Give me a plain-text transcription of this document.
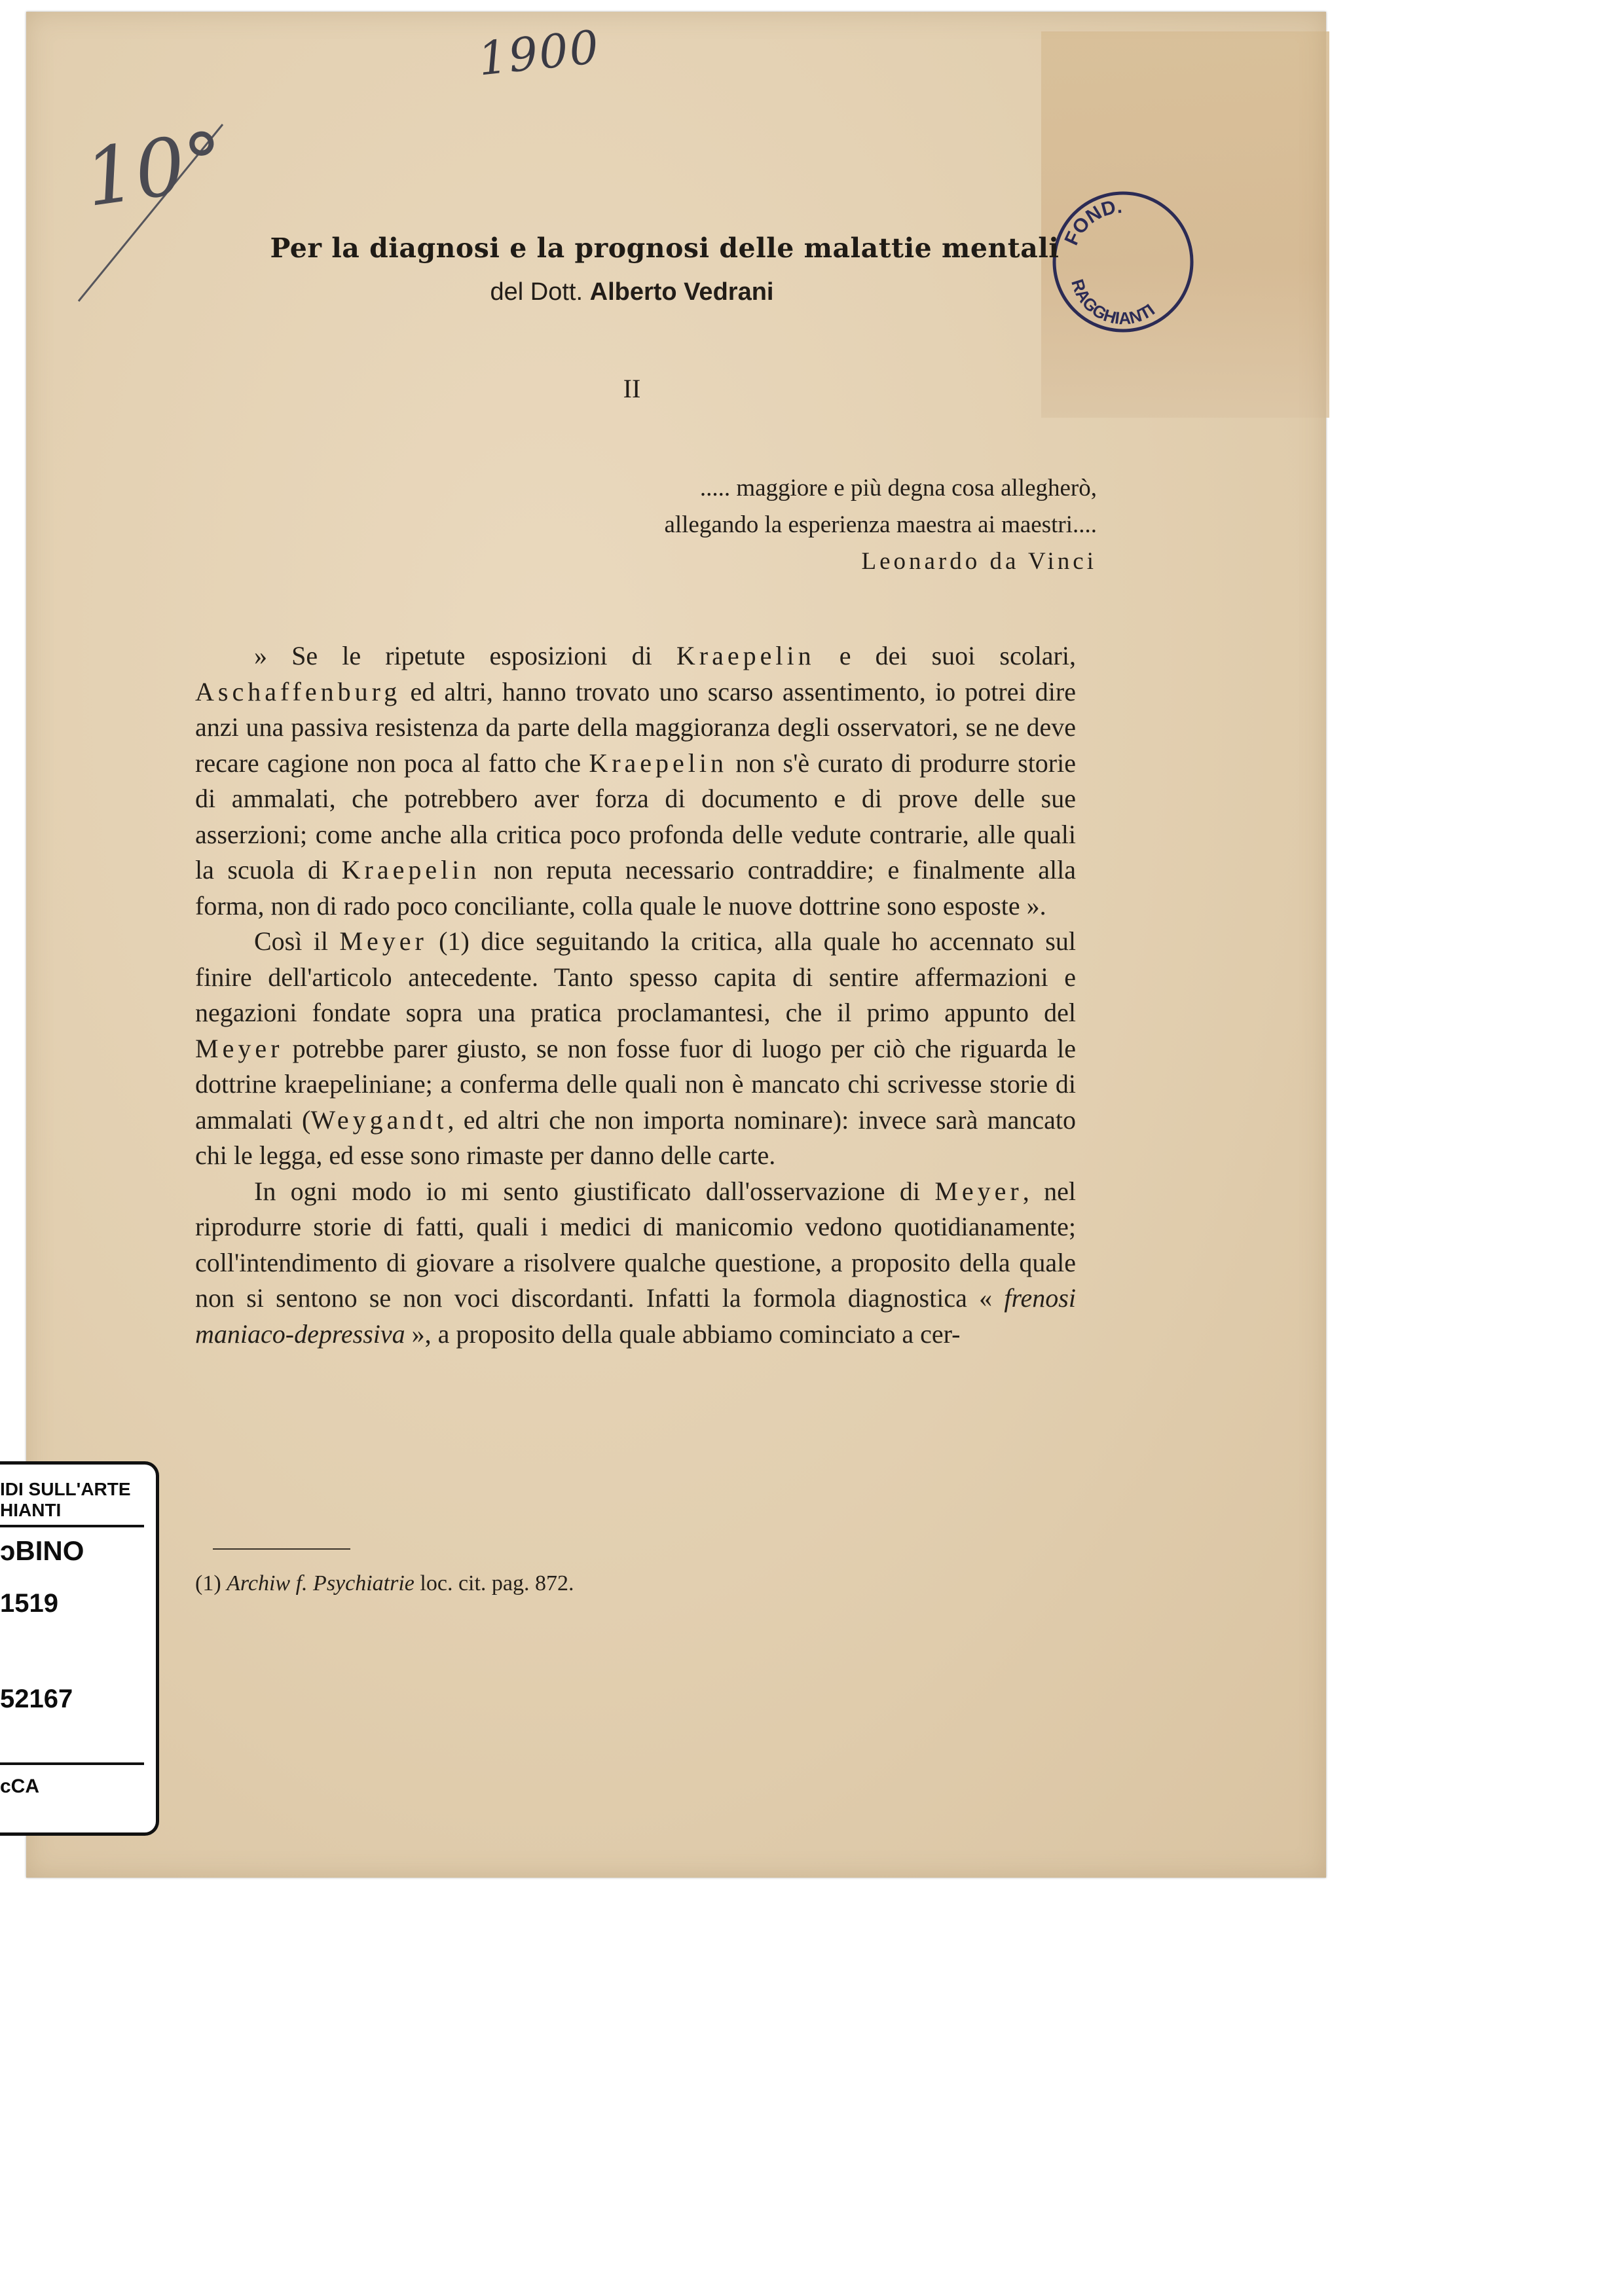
1900
10°
FOND.
RAGGHIANTI
Per la diagnosi e la prognosi delle malattie mentali
del Dott. Alberto Vedrani
II
..... maggiore e più degna cosa allegherò,
allegando la esperienza maestra ai maestri....
Leonardo da Vinci

» Se le ripetute esposizioni di Kraepelin e dei suoi scolari, Aschaffenburg ed altri, hanno trovato uno scarso assentimento, io potrei dire anzi una passiva resistenza da parte della maggioranza degli osservatori, se ne deve recare cagione non poca al fatto che Kraepelin non s'è curato di produrre storie di ammalati, che potrebbero aver forza di documento e di prove delle sue asserzioni; come anche alla critica poco profonda delle vedute contrarie, alle quali la scuola di Kraepelin non reputa necessario contraddire; e finalmente alla forma, non di rado poco conciliante, colla quale le nuove dottrine sono esposte ».

Così il Meyer (1) dice seguitando la critica, alla quale ho accennato sul finire dell'articolo antecedente. Tanto spesso capita di sentire affermazioni e negazioni fondate sopra una pratica proclamantesi, che il primo appunto del Meyer potrebbe parer giusto, se non fosse fuor di luogo per ciò che riguarda le dottrine kraepeliniane; a conferma delle quali non è mancato chi scrivesse storie di ammalati (Weygandt, ed altri che non importa nominare): invece sarà mancato chi le legga, ed esse sono rimaste per danno delle carte.

In ogni modo io mi sento giustificato dall'osservazione di Meyer, nel riprodurre storie di fatti, quali i medici di manicomio vedono quotidianamente; coll'intendimento di giovare a risolvere qualche questione, a proposito della quale non si sentono se non voci discordanti. Infatti la formola diagnostica « frenosi maniaco-depressiva », a proposito della quale abbiamo cominciato a cer-

(1) Archiw f. Psychiatrie loc. cit. pag. 872.
IDI SULL'ARTE
HIANTI
ᴐBINO
1519
52167
ᴄCA
